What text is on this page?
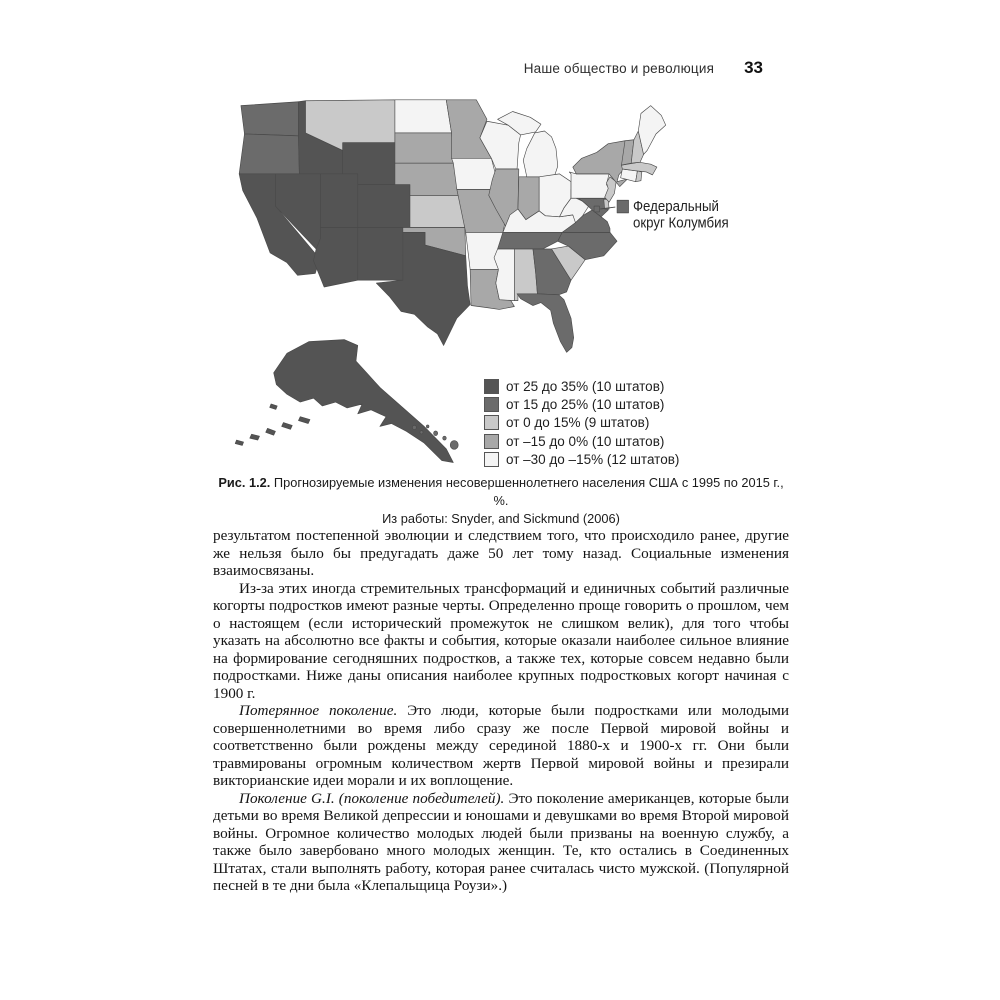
Наше общество и революция 33
Федеральный
округ Колумбия
от 25 до 35% (10 штатов)
от 15 до 25% (10 штатов)
от 0 до 15% (9 штатов)
от –15 до 0% (10 штатов)
от –30 до –15% (12 штатов)
Рис. 1.2. Прогнозируемые изменения несовершеннолетнего населения США с 1995 по 2015 г., %.
Из работы: Snyder, and Sickmund (2006)

результатом постепенной эволюции и следствием того, что происходило ранее, другие же нельзя было бы предугадать даже 50 лет тому назад. Социальные изменения взаимосвязаны.

Из-за этих иногда стремительных трансформаций и единичных событий различные когорты подростков имеют разные черты. Определенно проще говорить о прошлом, чем о настоящем (если исторический промежуток не слишком велик), для того чтобы указать на абсолютно все факты и события, которые оказали наиболее сильное влияние на формирование сегодняшних подростков, а также тех, которые совсем недавно были подростками. Ниже даны описания наиболее крупных подростковых когорт начиная с 1900 г.

Потерянное поколение. Это люди, которые были подростками или молодыми совершеннолетними во время либо сразу же после Первой мировой войны и соответственно были рождены между серединой 1880-х и 1900-х гг. Они были травмированы огромным количеством жертв Первой мировой войны и презирали викторианские идеи морали и их воплощение.

Поколение G.I. (поколение победителей). Это поколение американцев, которые были детьми во время Великой депрессии и юношами и девушками во время Второй мировой войны. Огромное количество молодых людей были призваны на военную службу, а также было завербовано много молодых женщин. Те, кто остались в Соединенных Штатах, стали выполнять работу, которая ранее считалась чисто мужской. (Популярной песней в те дни была «Клепальщица Роузи».)
